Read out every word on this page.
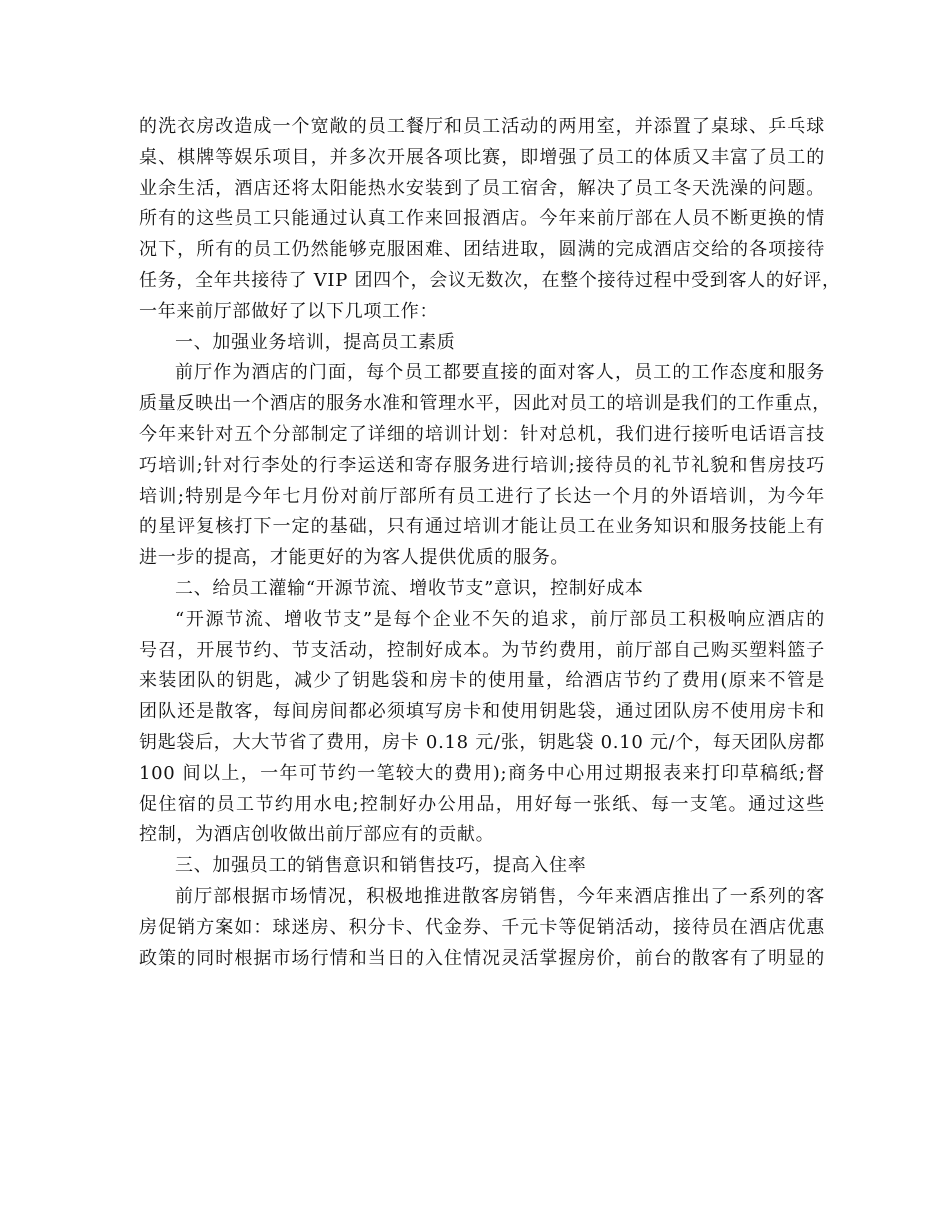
的洗衣房改造成一个宽敞的员工餐厅和员工活动的两用室，并添置了桌球、乒乓球
桌、棋牌等娱乐项目，并多次开展各项比赛，即增强了员工的体质又丰富了员工的
业余生活，酒店还将太阳能热水安装到了员工宿舍，解决了员工冬天洗澡的问题。
所有的这些员工只能通过认真工作来回报酒店。今年来前厅部在人员不断更换的情
况下，所有的员工仍然能够克服困难、团结进取，圆满的完成酒店交给的各项接待
任务，全年共接待了 VIP 团四个，会议无数次，在整个接待过程中受到客人的好评，
一年来前厅部做好了以下几项工作：
一、加强业务培训，提高员工素质
前厅作为酒店的门面，每个员工都要直接的面对客人，员工的工作态度和服务
质量反映出一个酒店的服务水准和管理水平，因此对员工的培训是我们的工作重点，
今年来针对五个分部制定了详细的培训计划：针对总机，我们进行接听电话语言技
巧培训;针对行李处的行李运送和寄存服务进行培训;接待员的礼节礼貌和售房技巧
培训;特别是今年七月份对前厅部所有员工进行了长达一个月的外语培训，为今年
的星评复核打下一定的基础，只有通过培训才能让员工在业务知识和服务技能上有
进一步的提高，才能更好的为客人提供优质的服务。
二、给员工灌输“开源节流、增收节支”意识，控制好成本
“开源节流、增收节支”是每个企业不矢的追求，前厅部员工积极响应酒店的
号召，开展节约、节支活动，控制好成本。为节约费用，前厅部自己购买塑料篮子
来装团队的钥匙，减少了钥匙袋和房卡的使用量，给酒店节约了费用(原来不管是
团队还是散客，每间房间都必须填写房卡和使用钥匙袋，通过团队房不使用房卡和
钥匙袋后，大大节省了费用，房卡 0.18 元/张，钥匙袋 0.10 元/个，每天团队房都
100 间以上，一年可节约一笔较大的费用);商务中心用过期报表来打印草稿纸;督
促住宿的员工节约用水电;控制好办公用品，用好每一张纸、每一支笔。通过这些
控制，为酒店创收做出前厅部应有的贡献。
三、加强员工的销售意识和销售技巧，提高入住率
前厅部根据市场情况，积极地推进散客房销售，今年来酒店推出了一系列的客
房促销方案如：球迷房、积分卡、代金券、千元卡等促销活动，接待员在酒店优惠
政策的同时根据市场行情和当日的入住情况灵活掌握房价，前台的散客有了明显的
